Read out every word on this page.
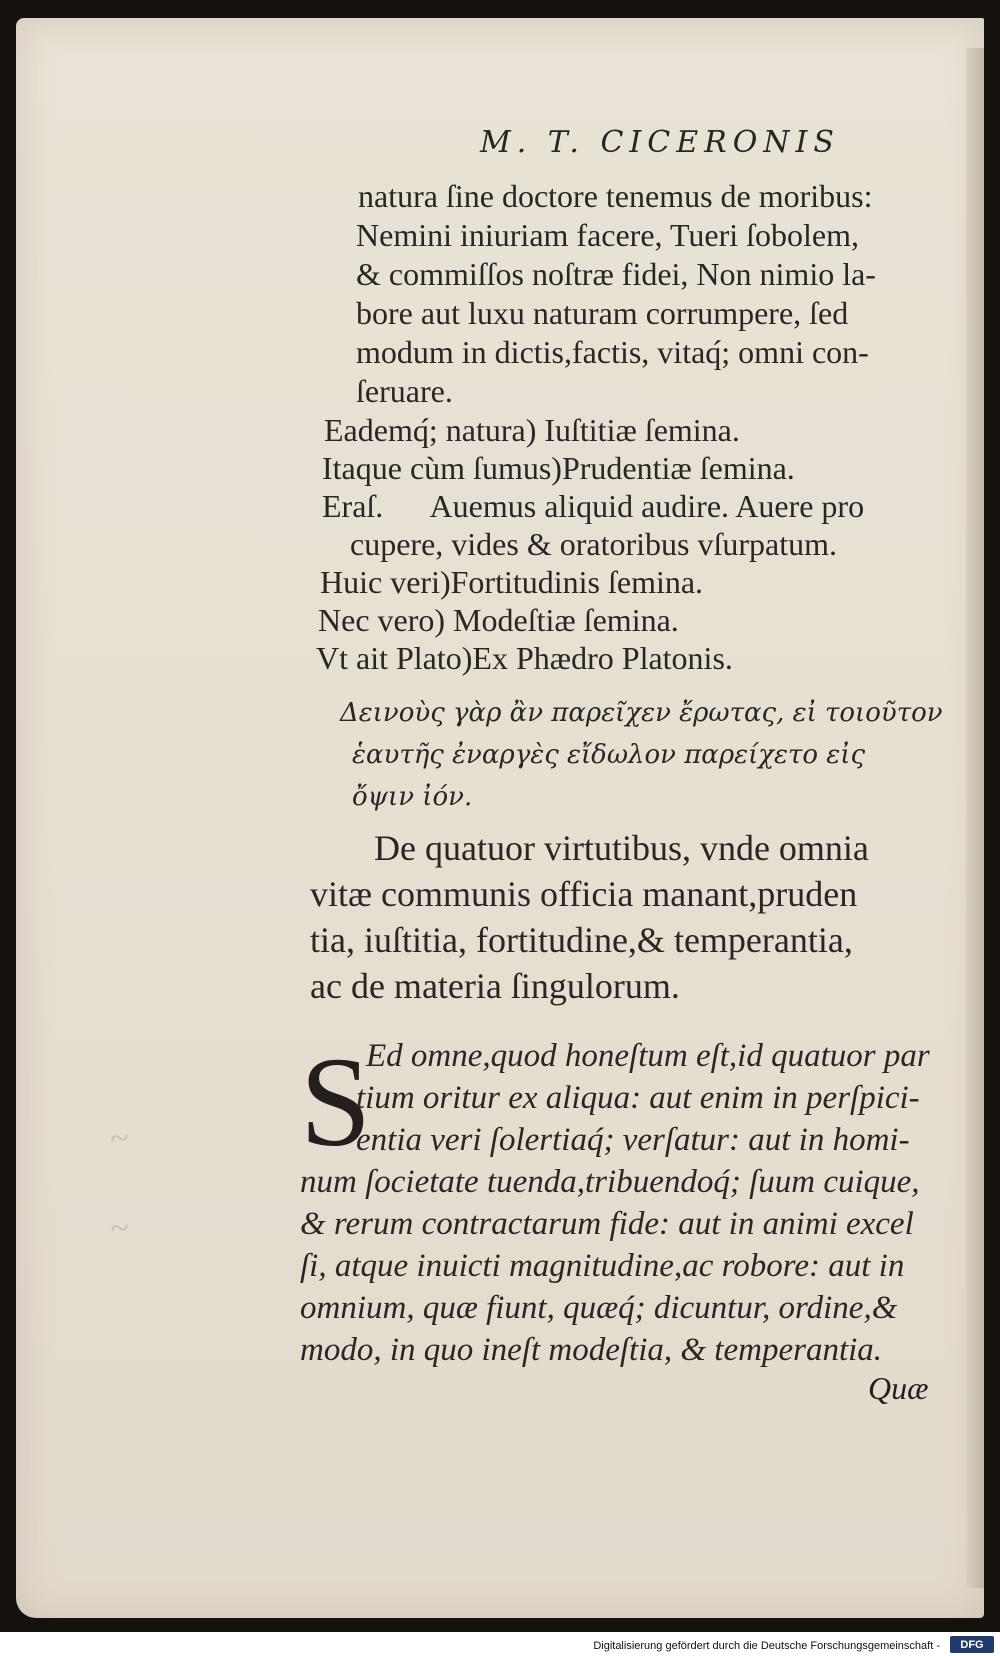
M. T. CICERONIS
natura ſine doctore tenemus de moribus:
Nemini iniuriam facere, Tueri ſobolem,
& commiſſos noſtræ fidei, Non nimio la-
bore aut luxu naturam corrumpere, ſed
modum in dictis,factis, vitaq́; omni con-
ſeruare.
Eademq́; natura) Iuſtitiæ ſemina.
Itaque cùm ſumus)Prudentiæ ſemina.
Eraſ.      Auemus aliquid audire. Auere pro
cupere, vides & oratoribus vſurpatum.
Huic veri)Fortitudinis ſemina.
Nec vero) Modeſtiæ ſemina.
Vt ait Plato)Ex Phædro Platonis.
Δεινοὺς γὰρ ἂν παρεῖχεν ἔρωτας, εἰ τοιοῦτον
ἑαυτῆς ἐναργὲς εἴδωλον παρείχετο εἰς
ὄψιν ἰόν.
De quatuor virtutibus, vnde omnia
vitæ communis officia manant,pruden
tia, iuſtitia, fortitudine,& temperantia,
ac de materia ſingulorum.
S
Ed omne,quod honeſtum eſt,id quatuor par
tium oritur ex aliqua: aut enim in perſpici-
entia veri ſolertiaq́; verſatur: aut in homi-
num ſocietate tuenda,tribuendoq́; ſuum cuique,
& rerum contractarum fide: aut in animi excel
ſi, atque inuicti magnitudine,ac robore: aut in
omnium, quæ fiunt, quæq́; dicuntur, ordine,&
modo, in quo ineſt modeſtia, & temperantia.
Quæ
~
~
Digitalisierung gefördert durch die Deutsche Forschungsgemeinschaft -	DFG
